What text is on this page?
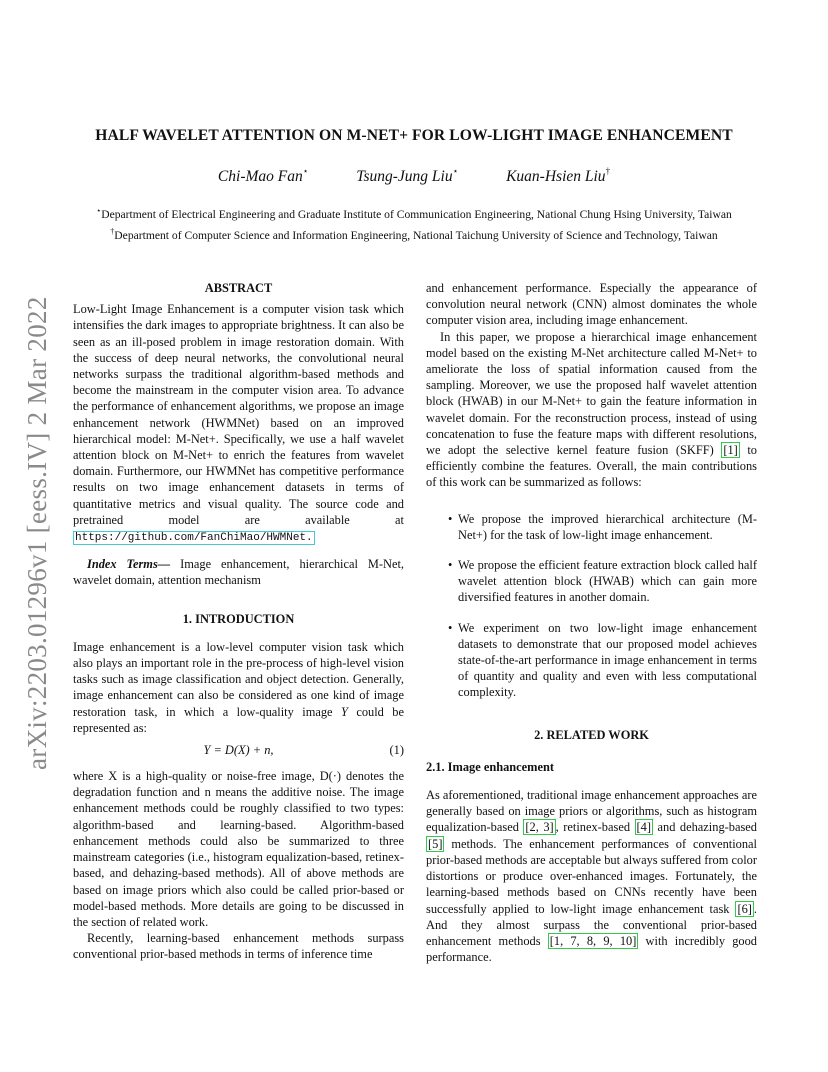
arXiv:2203.01296v1 [eess.IV] 2 Mar 2022
HALF WAVELET ATTENTION ON M-NET+ FOR LOW-LIGHT IMAGE ENHANCEMENT
Chi-Mao Fan⋆	Tsung-Jung Liu⋆	Kuan-Hsien Liu†
⋆Department of Electrical Engineering and Graduate Institute of Communication Engineering, National Chung Hsing University, Taiwan
†Department of Computer Science and Information Engineering, National Taichung University of Science and Technology, Taiwan
ABSTRACT

Low-Light Image Enhancement is a computer vision task which intensifies the dark images to appropriate brightness. It can also be seen as an ill-posed problem in image restoration domain. With the success of deep neural networks, the convolutional neural networks surpass the traditional algorithm-based methods and become the mainstream in the computer vision area. To advance the performance of enhancement algorithms, we propose an image enhancement network (HWMNet) based on an improved hierarchical model: M-Net+. Specifically, we use a half wavelet attention block on M-Net+ to enrich the features from wavelet domain. Furthermore, our HWMNet has competitive performance results on two image enhancement datasets in terms of quantitative metrics and visual quality. The source code and pretrained model are available at https://github.com/FanChiMao/HWMNet.

Index Terms— Image enhancement, hierarchical M-Net, wavelet domain, attention mechanism

1. INTRODUCTION

Image enhancement is a low-level computer vision task which also plays an important role in the pre-process of high-level vision tasks such as image classification and object detection. Generally, image enhancement can also be considered as one kind of image restoration task, in which a low-quality image Y could be represented as:

Y = D(X) + n,	(1)

where X is a high-quality or noise-free image, D(·) denotes the degradation function and n means the additive noise. The image enhancement methods could be roughly classified to two types: algorithm-based and learning-based. Algorithm-based enhancement methods could also be summarized to three mainstream categories (i.e., histogram equalization-based, retinex-based, and dehazing-based methods). All of above methods are based on image priors which also could be called prior-based or model-based methods. More details are going to be discussed in the section of related work.

Recently, learning-based enhancement methods surpass conventional prior-based methods in terms of inference time

and enhancement performance. Especially the appearance of convolution neural network (CNN) almost dominates the whole computer vision area, including image enhancement.

In this paper, we propose a hierarchical image enhancement model based on the existing M-Net architecture called M-Net+ to ameliorate the loss of spatial information caused from the sampling. Moreover, we use the proposed half wavelet attention block (HWAB) in our M-Net+ to gain the feature information in wavelet domain. For the reconstruction process, instead of using concatenation to fuse the feature maps with different resolutions, we adopt the selective kernel feature fusion (SKFF) [1] to efficiently combine the features. Overall, the main contributions of this work can be summarized as follows:

• We propose the improved hierarchical architecture (M-Net+) for the task of low-light image enhancement.
• We propose the efficient feature extraction block called half wavelet attention block (HWAB) which can gain more diversified features in another domain.
• We experiment on two low-light image enhancement datasets to demonstrate that our proposed model achieves state-of-the-art performance in image enhancement in terms of quantity and quality and even with less computational complexity.
2. RELATED WORK
2.1. Image enhancement

As aforementioned, traditional image enhancement approaches are generally based on image priors or algorithms, such as histogram equalization-based [2, 3] , retinex-based [4] and dehazing-based [5] methods. The enhancement performances of conventional prior-based methods are acceptable but always suffered from color distortions or produce over-enhanced images. Fortunately, the learning-based methods based on CNNs recently have been successfully applied to low-light image enhancement task [6] . And they almost surpass the conventional prior-based enhancement methods [1, 7, 8, 9, 10] with incredibly good performance.
